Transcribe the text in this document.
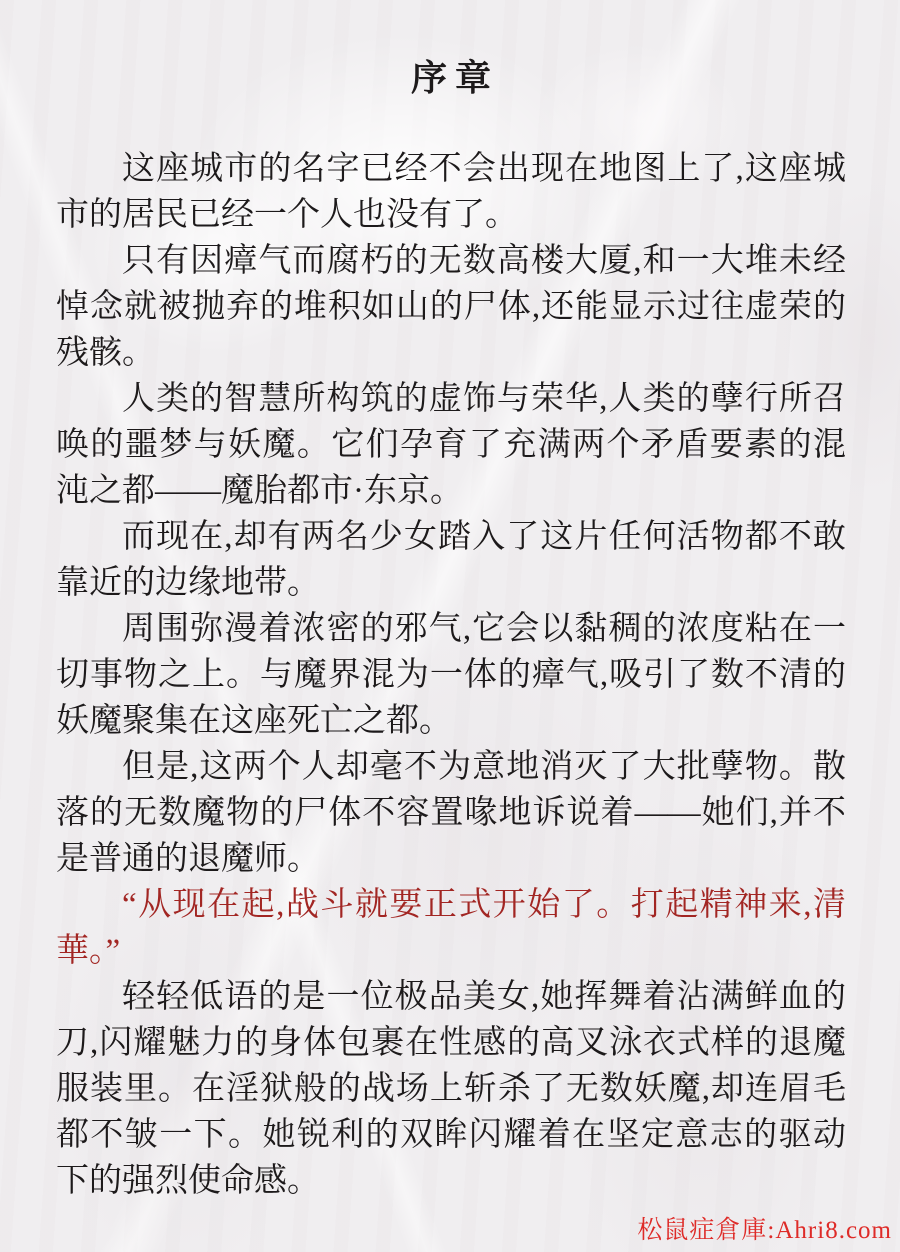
序章

这座城市的名字已经不会出现在地图上了,这座城市的居民已经一个人也没有了。

只有因瘴气而腐朽的无数高楼大厦,和一大堆未经悼念就被抛弃的堆积如山的尸体,还能显示过往虚荣的残骸。

人类的智慧所构筑的虚饰与荣华,人类的孽行所召唤的噩梦与妖魔。它们孕育了充满两个矛盾要素的混沌之都——魔胎都市·东京。

而现在,却有两名少女踏入了这片任何活物都不敢靠近的边缘地带。

周围弥漫着浓密的邪气,它会以黏稠的浓度粘在一切事物之上。与魔界混为一体的瘴气,吸引了数不清的妖魔聚集在这座死亡之都。

但是,这两个人却毫不为意地消灭了大批孽物。散落的无数魔物的尸体不容置喙地诉说着——她们,并不是普通的退魔师。

“从现在起,战斗就要正式开始了。打起精神来,清華。”

轻轻低语的是一位极品美女,她挥舞着沾满鲜血的刀,闪耀魅力的身体包裹在性感的高叉泳衣式样的退魔服装里。在淫狱般的战场上斩杀了无数妖魔,却连眉毛都不皱一下。她锐利的双眸闪耀着在坚定意志的驱动下的强烈使命感。

松鼠症倉庫:Ahri8.com
